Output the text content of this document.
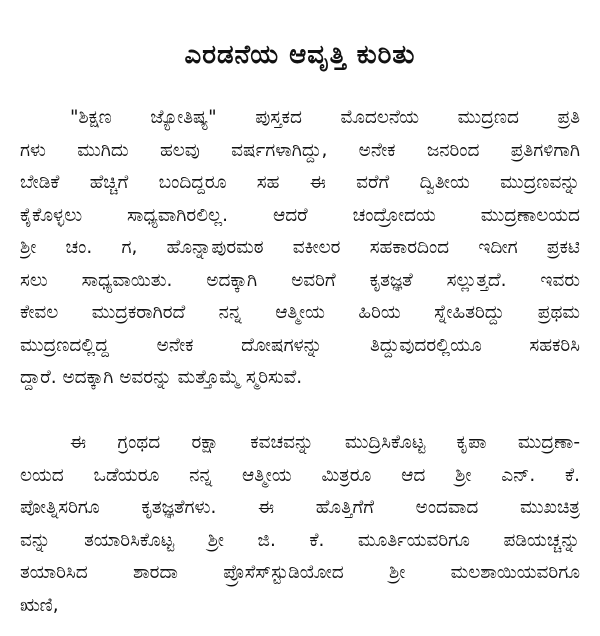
ಎರಡನೆಯ ಆವೃತ್ತಿ ಕುರಿತು
"ಶಿಕ್ಷಣ ಜ್ಯೋತಿಷ್ಯ" ಪುಸ್ತಕದ ಮೊದಲನೆಯ ಮುದ್ರಣದ ಪ್ರತಿ
ಗಳು ಮುಗಿದು ಹಲವು ವರ್ಷಗಳಾಗಿದ್ದು, ಅನೇಕ ಜನರಿಂದ ಪ್ರತಿಗಳಿಗಾಗಿ
ಬೇಡಿಕೆ ಹೆಚ್ಚಿಗೆ ಬಂದಿದ್ದರೂ ಸಹ ಈ ವರೆಗೆ ದ್ವಿತೀಯ ಮುದ್ರಣವನ್ನು
ಕೈಕೊಳ್ಳಲು ಸಾಧ್ಯವಾಗಿರಲಿಲ್ಲ. ಆದರೆ ಚಂದ್ರೋದಯ ಮುದ್ರಣಾಲಯದ
ಶ್ರೀ ಚಂ. ಗ, ಹೊನ್ನಾಪುರಮಠ ವಕೀಲರ ಸಹಕಾರದಿಂದ ಇದೀಗ ಪ್ರಕಟಿ
ಸಲು ಸಾಧ್ಯವಾಯಿತು. ಅದಕ್ಕಾಗಿ ಅವರಿಗೆ ಕೃತಜ್ಞತೆ ಸಲ್ಲುತ್ತದೆ. ಇವರು
ಕೇವಲ ಮುದ್ರಕರಾಗಿರದೆ ನನ್ನ ಆತ್ಮೀಯ ಹಿರಿಯ ಸ್ನೇಹಿತರಿದ್ದು ಪ್ರಥಮ
ಮುದ್ರಣದಲ್ಲಿದ್ದ ಅನೇಕ ದೋಷಗಳನ್ನು ತಿದ್ದುವುದರಲ್ಲಿಯೂ ಸಹಕರಿಸಿ
ದ್ದಾರೆ. ಅದಕ್ಕಾಗಿ ಅವರನ್ನು ಮತ್ತೊಮ್ಮೆ ಸ್ಮರಿಸುವೆ.
ಈ ಗ್ರಂಥದ ರಕ್ಷಾ ಕವಚವನ್ನು ಮುದ್ರಿಸಿಕೊಟ್ಟ ಕೃಪಾ ಮುದ್ರಣಾ-
ಲಯದ ಒಡೆಯರೂ ನನ್ನ ಆತ್ಮೀಯ ಮಿತ್ರರೂ ಆದ ಶ್ರೀ ಎನ್. ಕೆ.
ಪೋತ್ನಿಸರಿಗೂ ಕೃತಜ್ಞತೆಗಳು. ಈ ಹೊತ್ತಿಗೆಗೆ ಅಂದವಾದ ಮುಖಚಿತ್ರ
ವನ್ನು ತಯಾರಿಸಿಕೊಟ್ಟ ಶ್ರೀ ಜಿ. ಕೆ. ಮೂರ್ತಿಯವರಿಗೂ ಪಡಿಯಚ್ಚನ್ನು
ತಯಾರಿಸಿದ ಶಾರದಾ ಪ್ರೊಸೆಸ್‌ಸ್ಟುಡಿಯೋದ ಶ್ರೀ ಮಲಶಾಯಿಯವರಿಗೂ
ಋಣಿ,
